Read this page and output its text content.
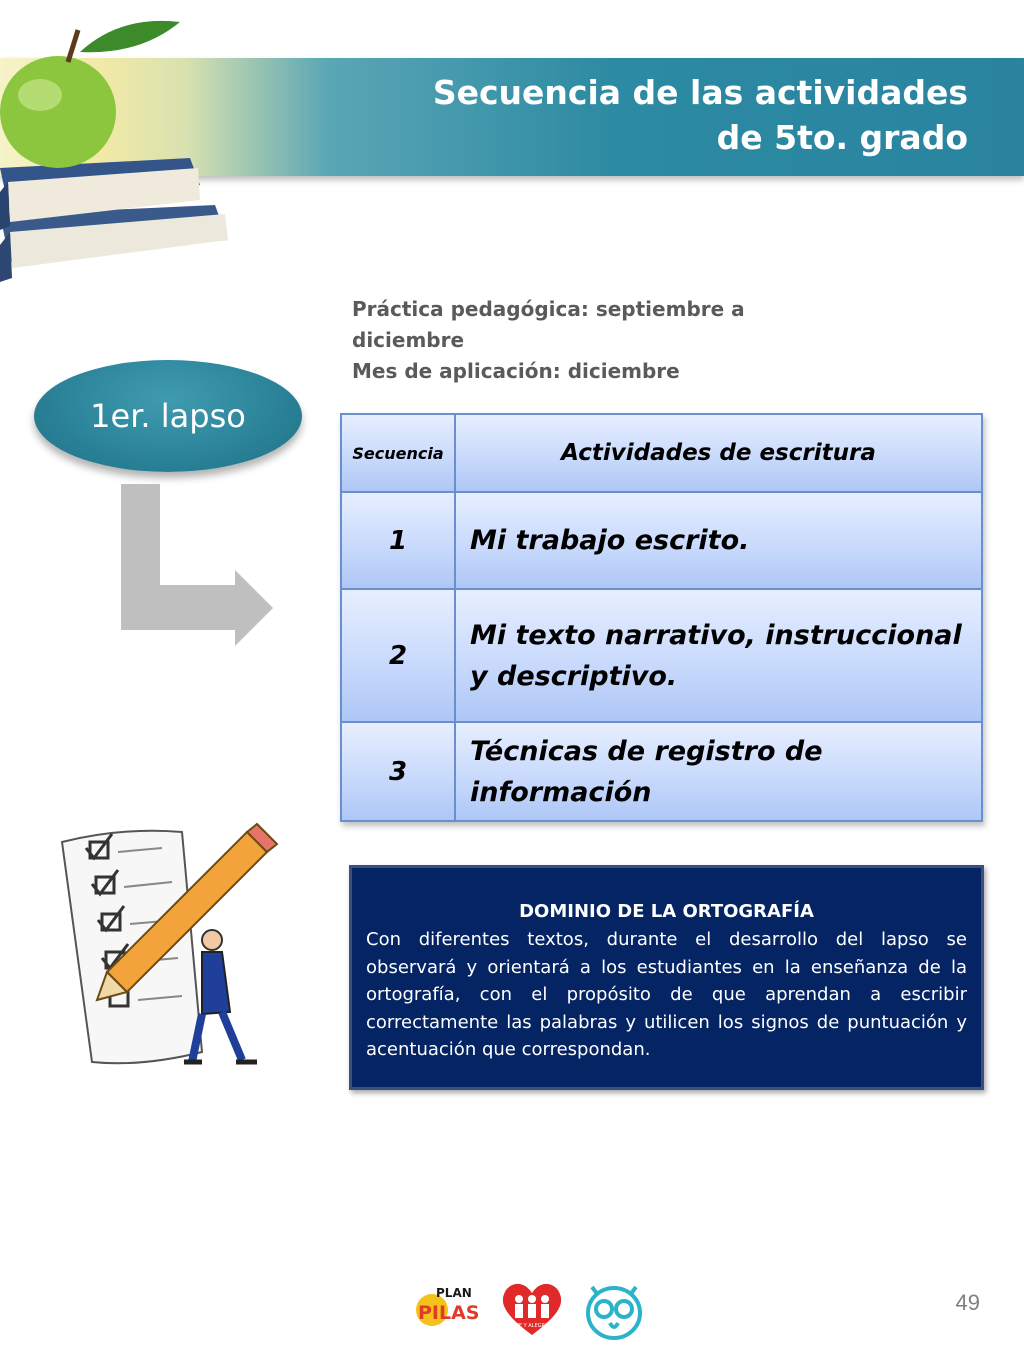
Secuencia de las actividades
de 5to. grado
Práctica pedagógica: septiembre a
diciembre
Mes de aplicación: diciembre
1er. lapso
Secuencia	Actividades de escritura
1	Mi trabajo escrito.
2	Mi texto narrativo, instruccional y descriptivo.
3	Técnicas de registro de información
DOMINIO DE LA ORTOGRAFÍA
Con diferentes textos, durante el desarrollo del lapso se observará y orientará a los estudiantes en la enseñanza de la ortografía, con el propósito de que aprendan a escribir correctamente las palabras y utilicen los signos de puntuación y acentuación que correspondan.
PLAN
PILAS
FE Y ALEGRIA
49
